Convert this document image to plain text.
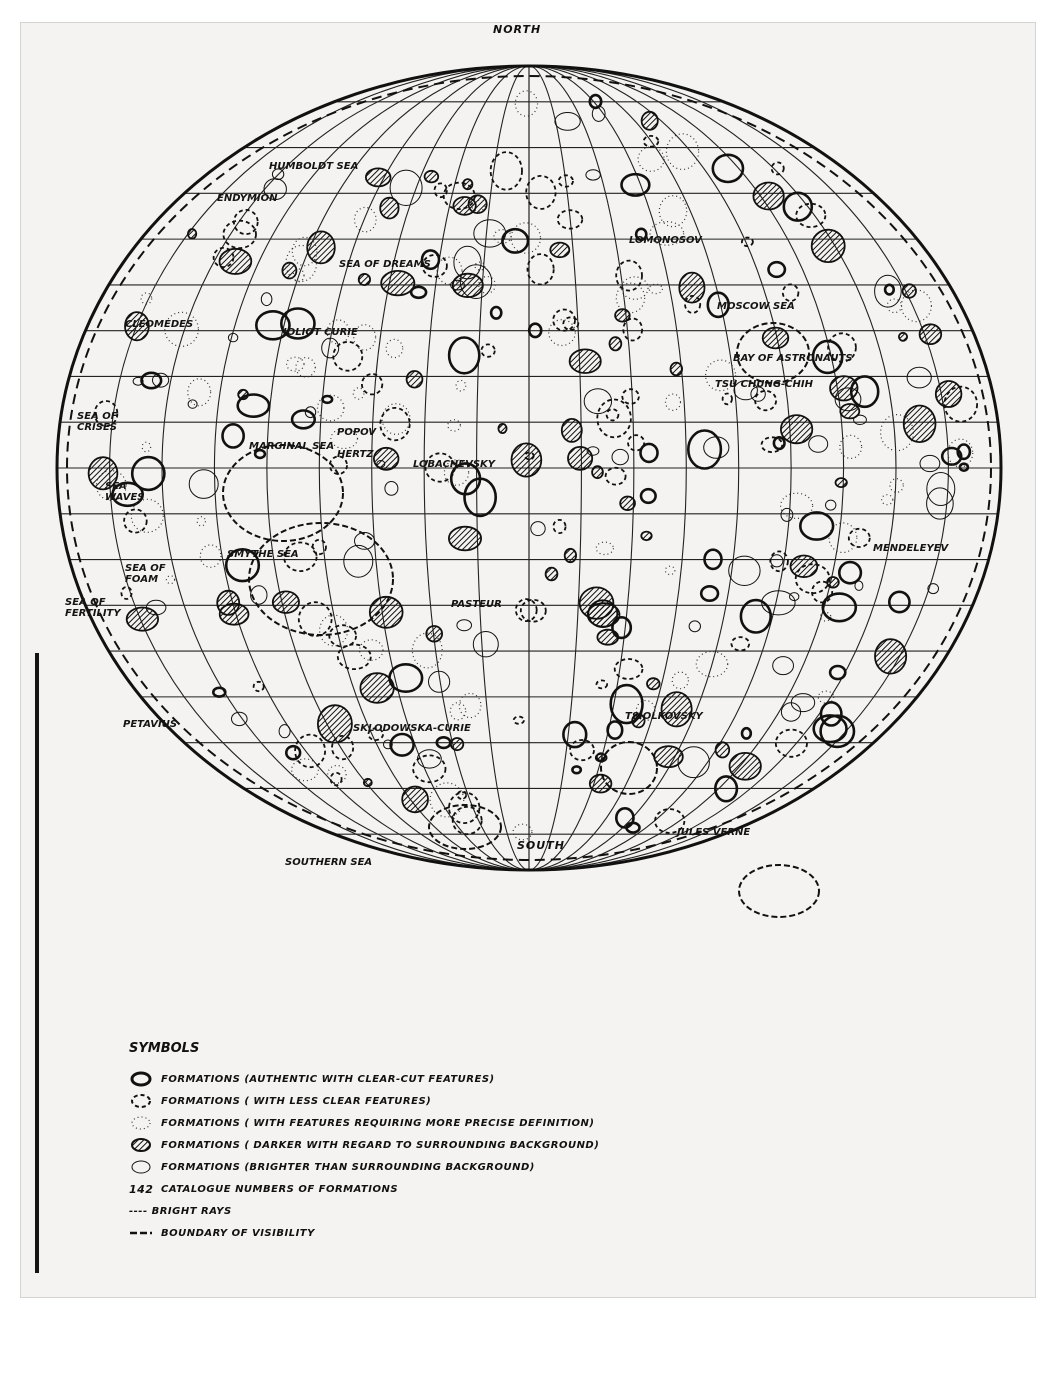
NORTH
SOUTH
HUMBOLDT SEA
SEA OF DREAMS
MOSCOW SEA
BAY OF ASTRONAUTS
TSU CHUNG-CHIH
LOMONOSOV
JOLIOT CURIE
MARGINAL SEA
POPOV
HERTZ
LOBACHEVSKY
SEA OF CRISES
SEA WAVES
SMYTHE SEA
SEA OF FOAM
SEA OF FERTILITY
MENDELEYEV
PASTEUR
TSIOLKOVSKY
SKLODOWSKA-CURIE
JULES VERNE
PETAVIUS
CLEOMEDES
ENDYMION
SOUTHERN SEA
SYMBOLS
FORMATIONS (AUTHENTIC WITH CLEAR-CUT FEATURES)
FORMATIONS ( WITH LESS CLEAR FEATURES)
FORMATIONS ( WITH FEATURES REQUIRING MORE PRECISE DEFINITION)
FORMATIONS ( DARKER WITH REGARD TO SURROUNDING BACKGROUND)
FORMATIONS (BRIGHTER THAN SURROUNDING BACKGROUND)
142 CATALOGUE NUMBERS OF FORMATIONS
---- BRIGHT RAYS
BOUNDARY OF VISIBILITY
